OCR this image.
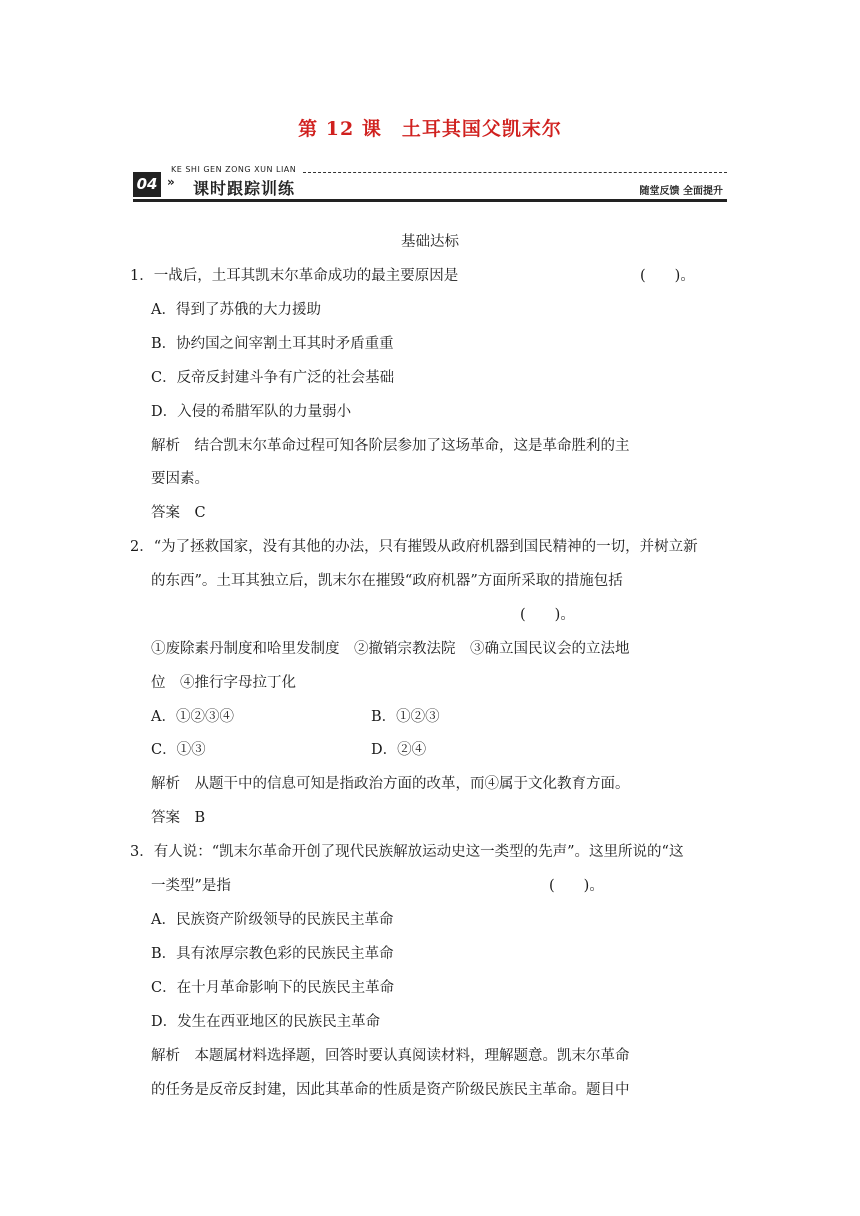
第 12 课　土耳其国父凯末尔
KE SHI GEN ZONG XUN LIAN
04 » 课时跟踪训练	随堂反馈 全面提升
基础达标
1．一战后，土耳其凯末尔革命成功的最主要原因是	(　　)。
A．得到了苏俄的大力援助
B．协约国之间宰割土耳其时矛盾重重
C．反帝反封建斗争有广泛的社会基础
D．入侵的希腊军队的力量弱小
解析　结合凯末尔革命过程可知各阶层参加了这场革命，这是革命胜利的主
要因素。
答案　C
2．“为了拯救国家，没有其他的办法，只有摧毁从政府机器到国民精神的一切，并树立新
的东西”。土耳其独立后，凯末尔在摧毁“政府机器”方面所采取的措施包括
(　　)。
①废除素丹制度和哈里发制度　②撤销宗教法院　③确立国民议会的立法地
位　④推行字母拉丁化
A．①②③④	B．①②③
C．①③	D．②④
解析　从题干中的信息可知是指政治方面的改革，而④属于文化教育方面。
答案　B
3．有人说：“凯末尔革命开创了现代民族解放运动史这一类型的先声”。这里所说的“这
一类型”是指	(　　)。
A．民族资产阶级领导的民族民主革命
B．具有浓厚宗教色彩的民族民主革命
C．在十月革命影响下的民族民主革命
D．发生在西亚地区的民族民主革命
解析　本题属材料选择题，回答时要认真阅读材料，理解题意。凯末尔革命
的任务是反帝反封建，因此其革命的性质是资产阶级民族民主革命。题目中
